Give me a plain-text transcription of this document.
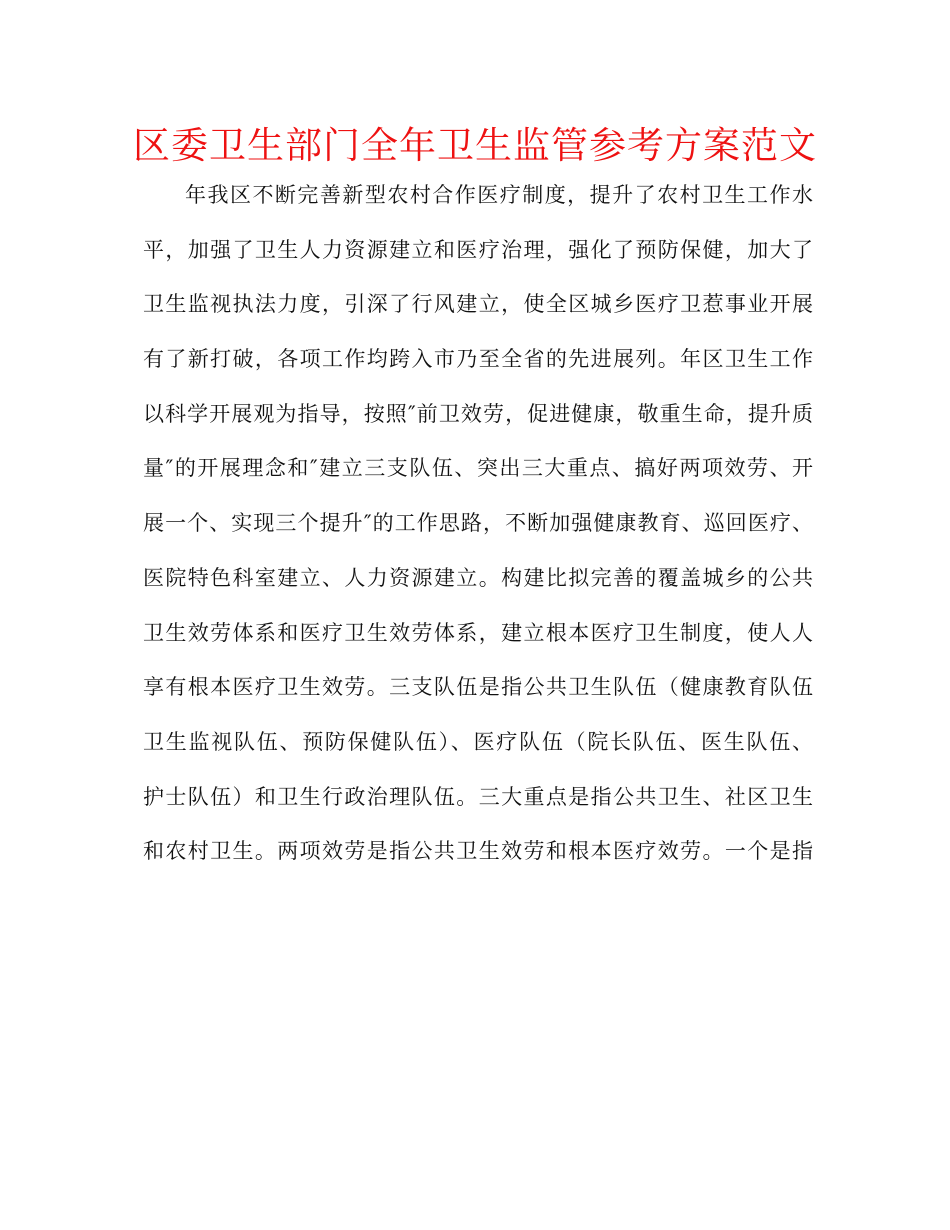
区委卫生部门全年卫生监管参考方案范文
年我区不断完善新型农村合作医疗制度，提升了农村卫生工作水
平，加强了卫生人力资源建立和医疗治理，强化了预防保健，加大了
卫生监视执法力度，引深了行风建立，使全区城乡医疗卫惹事业开展
有了新打破，各项工作均跨入市乃至全省的先进展列。年区卫生工作
以科学开展观为指导，按照″前卫效劳，促进健康，敬重生命，提升质
量″的开展理念和″建立三支队伍、突出三大重点、搞好两项效劳、开
展一个、实现三个提升″的工作思路，不断加强健康教育、巡回医疗、
医院特色科室建立、人力资源建立。构建比拟完善的覆盖城乡的公共
卫生效劳体系和医疗卫生效劳体系，建立根本医疗卫生制度，使人人
享有根本医疗卫生效劳。三支队伍是指公共卫生队伍（健康教育队伍
卫生监视队伍、预防保健队伍）、医疗队伍（院长队伍、医生队伍、
护士队伍）和卫生行政治理队伍。三大重点是指公共卫生、社区卫生
和农村卫生。两项效劳是指公共卫生效劳和根本医疗效劳。一个是指
